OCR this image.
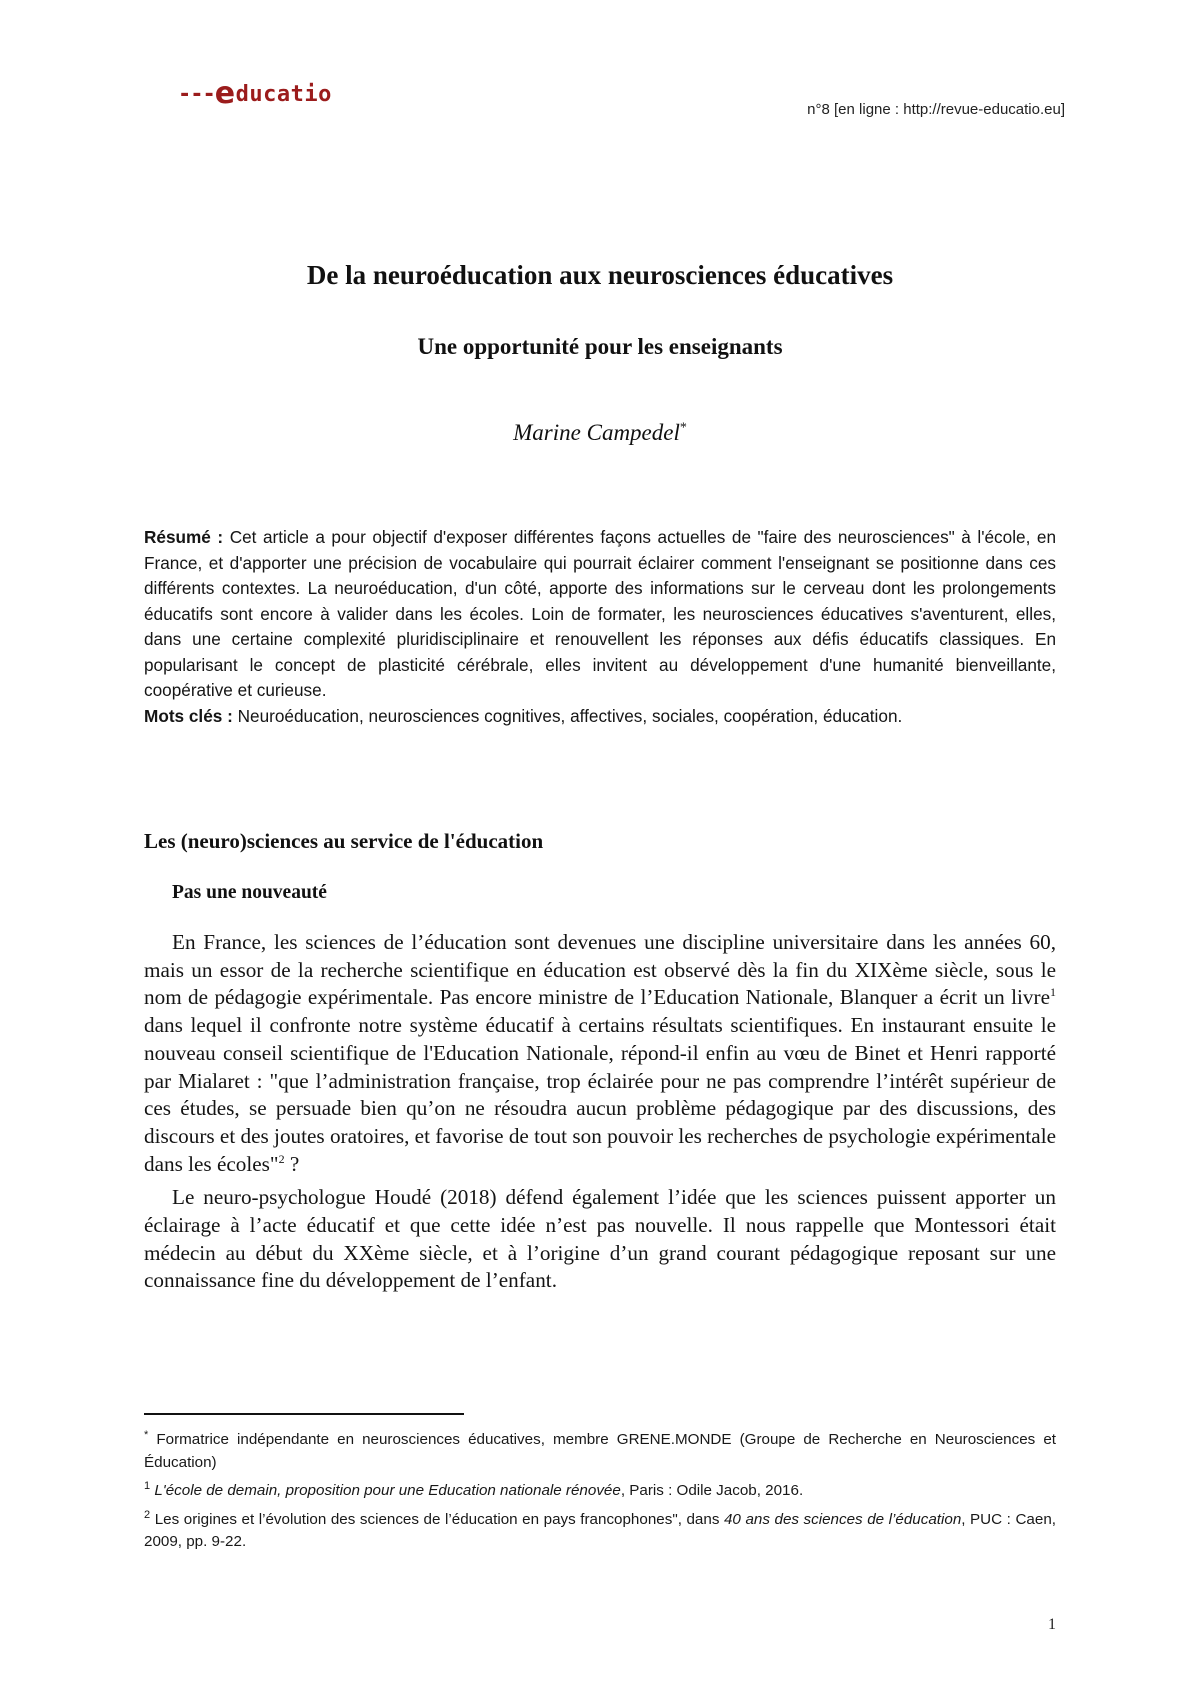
---educatio
n°8 [en ligne : http://revue-educatio.eu]
De la neuroéducation aux neurosciences éducatives
Une opportunité pour les enseignants
Marine Campedel*

Résumé : Cet article a pour objectif d'exposer différentes façons actuelles de "faire des neurosciences" à l'école, en France, et d'apporter une précision de vocabulaire qui pourrait éclairer comment l'enseignant se positionne dans ces différents contextes. La neuroéducation, d'un côté, apporte des informations sur le cerveau dont les prolongements éducatifs sont encore à valider dans les écoles. Loin de formater, les neurosciences éducatives s'aventurent, elles, dans une certaine complexité pluridisciplinaire et renouvellent les réponses aux défis éducatifs classiques. En popularisant le concept de plasticité cérébrale, elles invitent au développement d'une humanité bienveillante, coopérative et curieuse.

Mots clés : Neuroéducation, neurosciences cognitives, affectives, sociales, coopération, éducation.

Les (neuro)sciences au service de l'éducation
Pas une nouveauté

En France, les sciences de l’éducation sont devenues une discipline universitaire dans les années 60, mais un essor de la recherche scientifique en éducation est observé dès la fin du XIXème siècle, sous le nom de pédagogie expérimentale. Pas encore ministre de l’Education Nationale, Blanquer a écrit un livre$^1$ dans lequel il confronte notre système éducatif à certains résultats scientifiques. En instaurant ensuite le nouveau conseil scientifique de l'Education Nationale, répond-il enfin au vœu de Binet et Henri rapporté par Mialaret : "que l’administration française, trop éclairée pour ne pas comprendre l’intérêt supérieur de ces études, se persuade bien qu’on ne résoudra aucun problème pédagogique par des discussions, des discours et des joutes oratoires, et favorise de tout son pouvoir les recherches de psychologie expérimentale dans les écoles"$^2$ ?

Le neuro-psychologue Houdé (2018) défend également l’idée que les sciences puissent apporter un éclairage à l’acte éducatif et que cette idée n’est pas nouvelle. Il nous rappelle que Montessori était médecin au début du XXème siècle, et à l’origine d’un grand courant pédagogique reposant sur une connaissance fine du développement de l’enfant.

* Formatrice indépendante en neurosciences éducatives, membre GRENE.MONDE (Groupe de Recherche en Neurosciences et Éducation)

$^1$ L'école de demain, proposition pour une Education nationale rénovée, Paris : Odile Jacob, 2016.

$^2$ Les origines et l’évolution des sciences de l’éducation en pays francophones", dans 40 ans des sciences de l’éducation, PUC : Caen, 2009, pp. 9-22.

1
